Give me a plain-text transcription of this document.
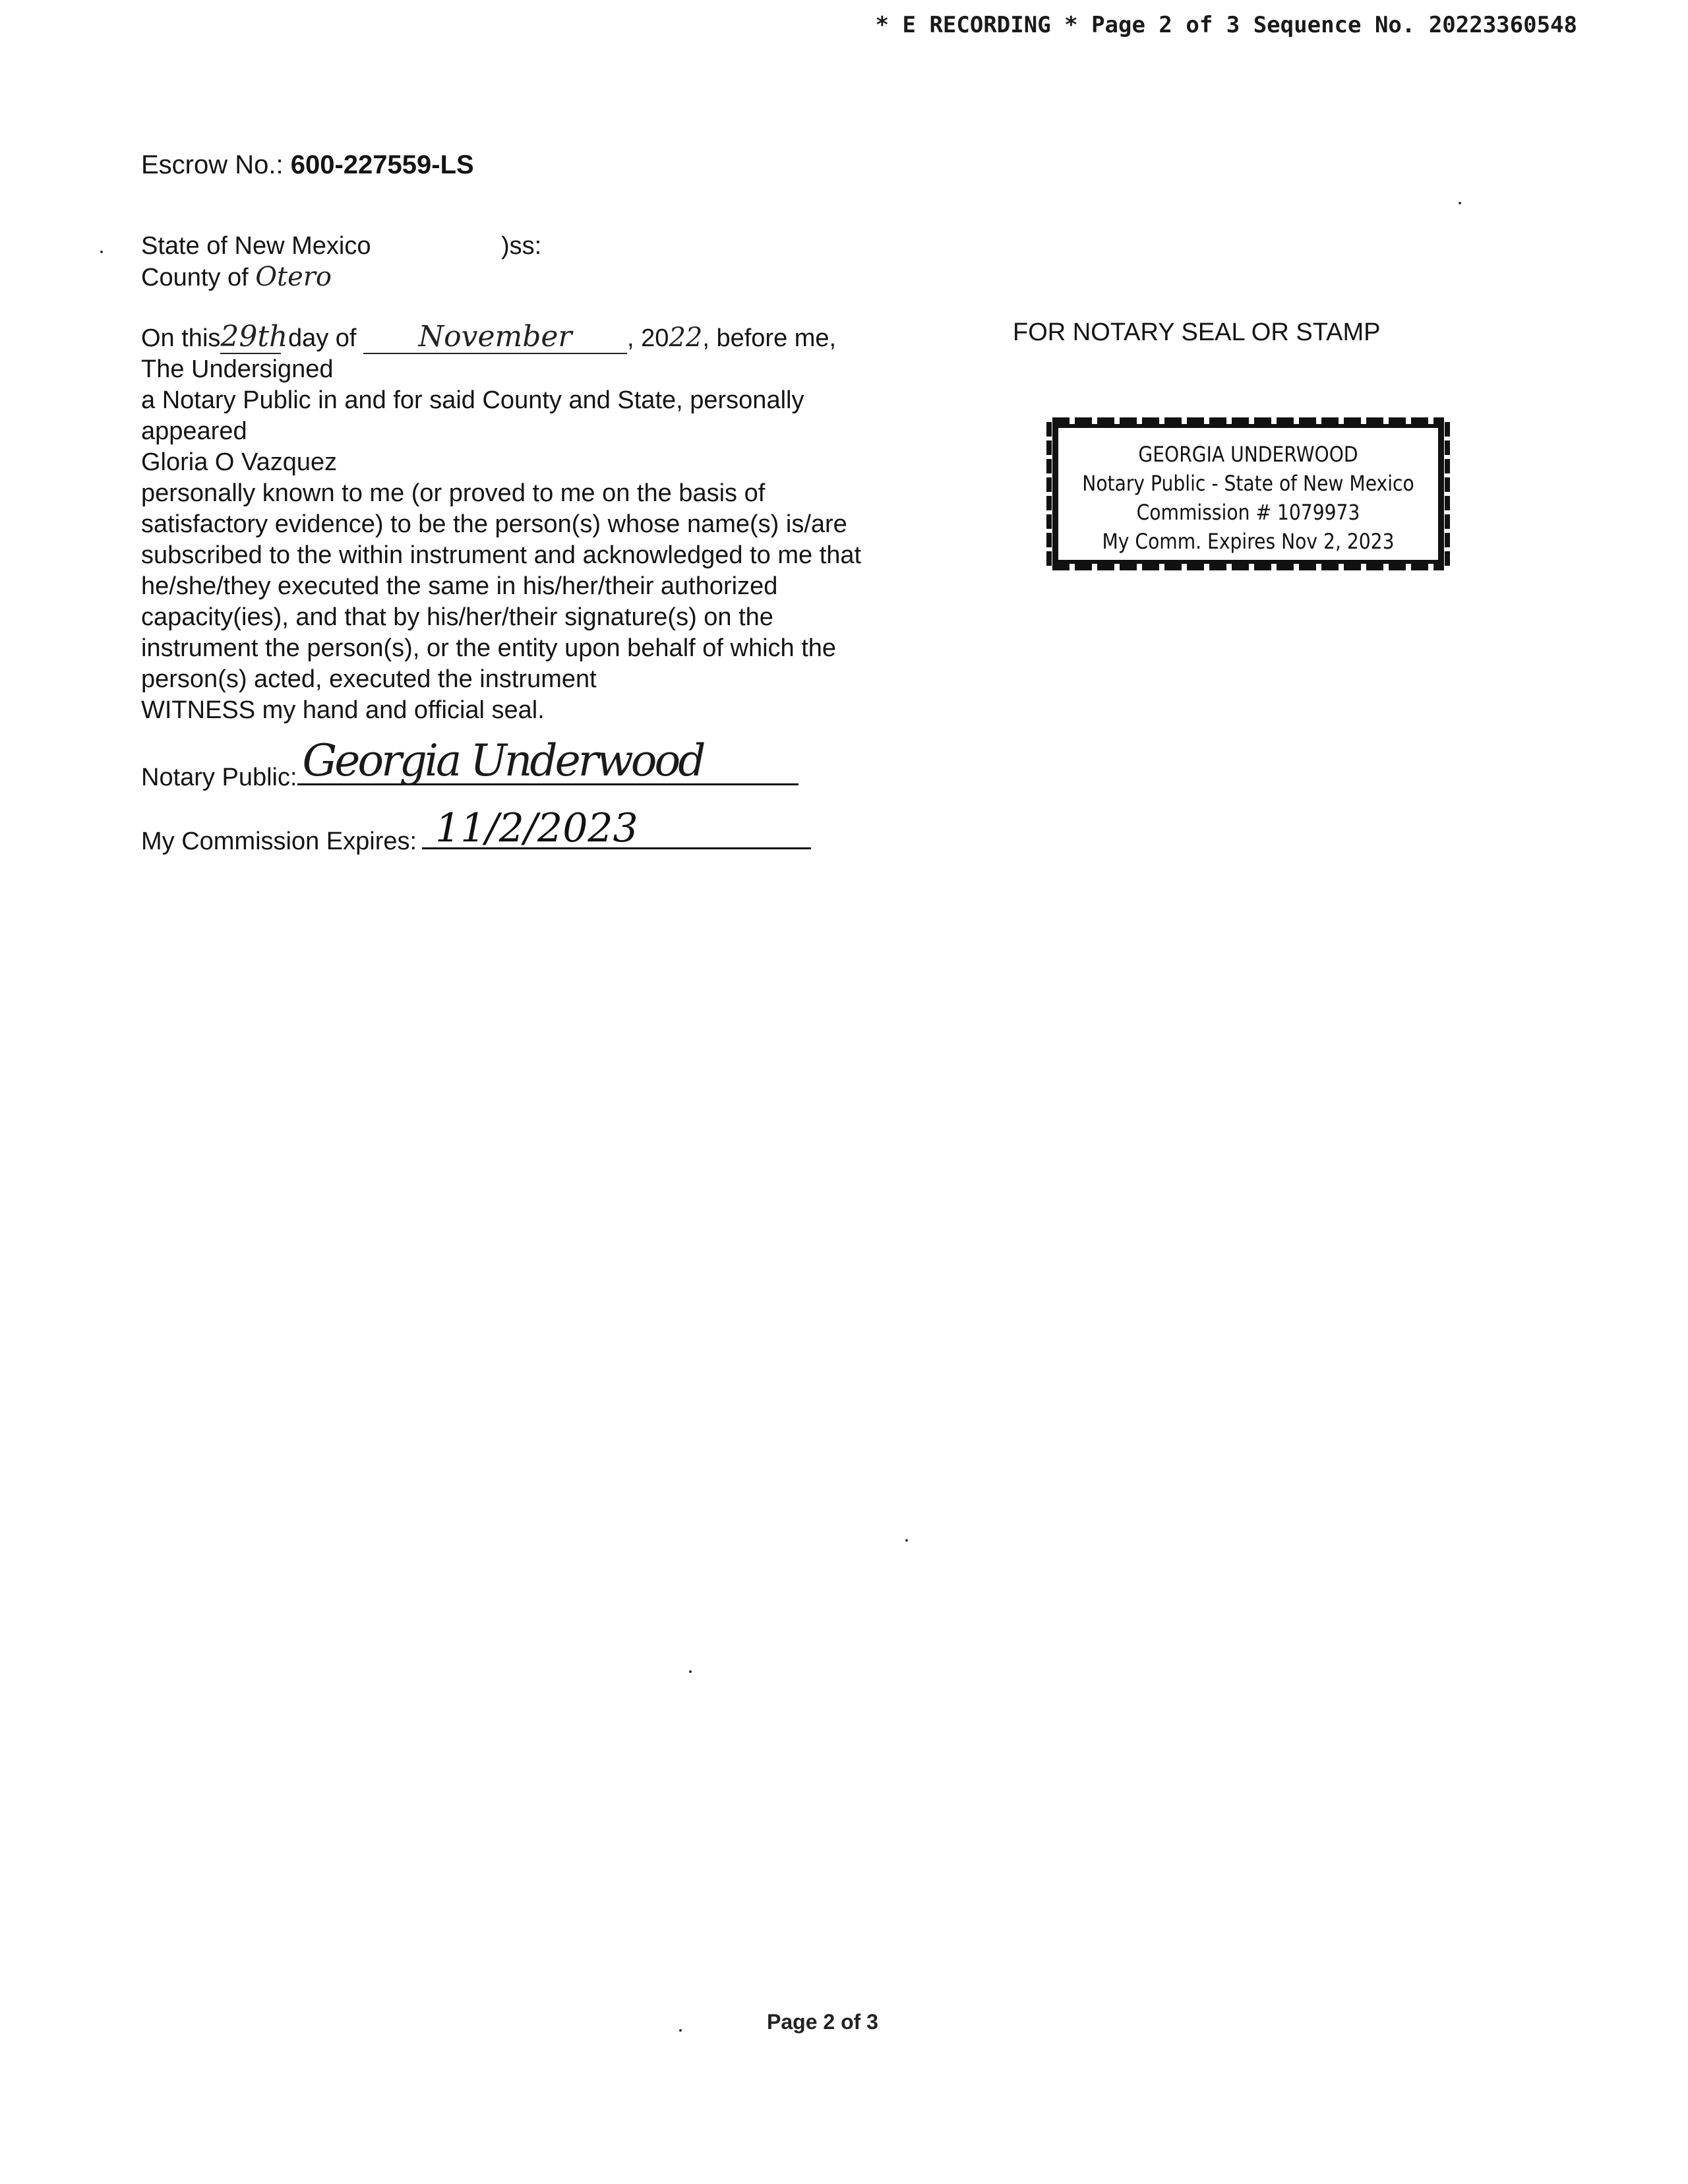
* E RECORDING * Page 2 of 3 Sequence No. 20223360548
Escrow No.: 600-227559-LS
State of New Mexico	)ss:
County of Otero
On this29th day of November , 2022, before me,
The Undersigned
a Notary Public in and for said County and State, personally
appeared
Gloria O Vazquez
personally known to me (or proved to me on the basis of
satisfactory evidence) to be the person(s) whose name(s) is/are
subscribed to the within instrument and acknowledged to me that
he/she/they executed the same in his/her/their authorized
capacity(ies), and that by his/her/their signature(s) on the
instrument the person(s), or the entity upon behalf of which the
person(s) acted, executed the instrument
WITNESS my hand and official seal.
Notary Public: Georgia Underwood
My Commission Expires: 11/2/2023
FOR NOTARY SEAL OR STAMP
GEORGIA UNDERWOOD
Notary Public - State of New Mexico
Commission # 1079973
My Comm. Expires Nov 2, 2023
Page 2 of 3
